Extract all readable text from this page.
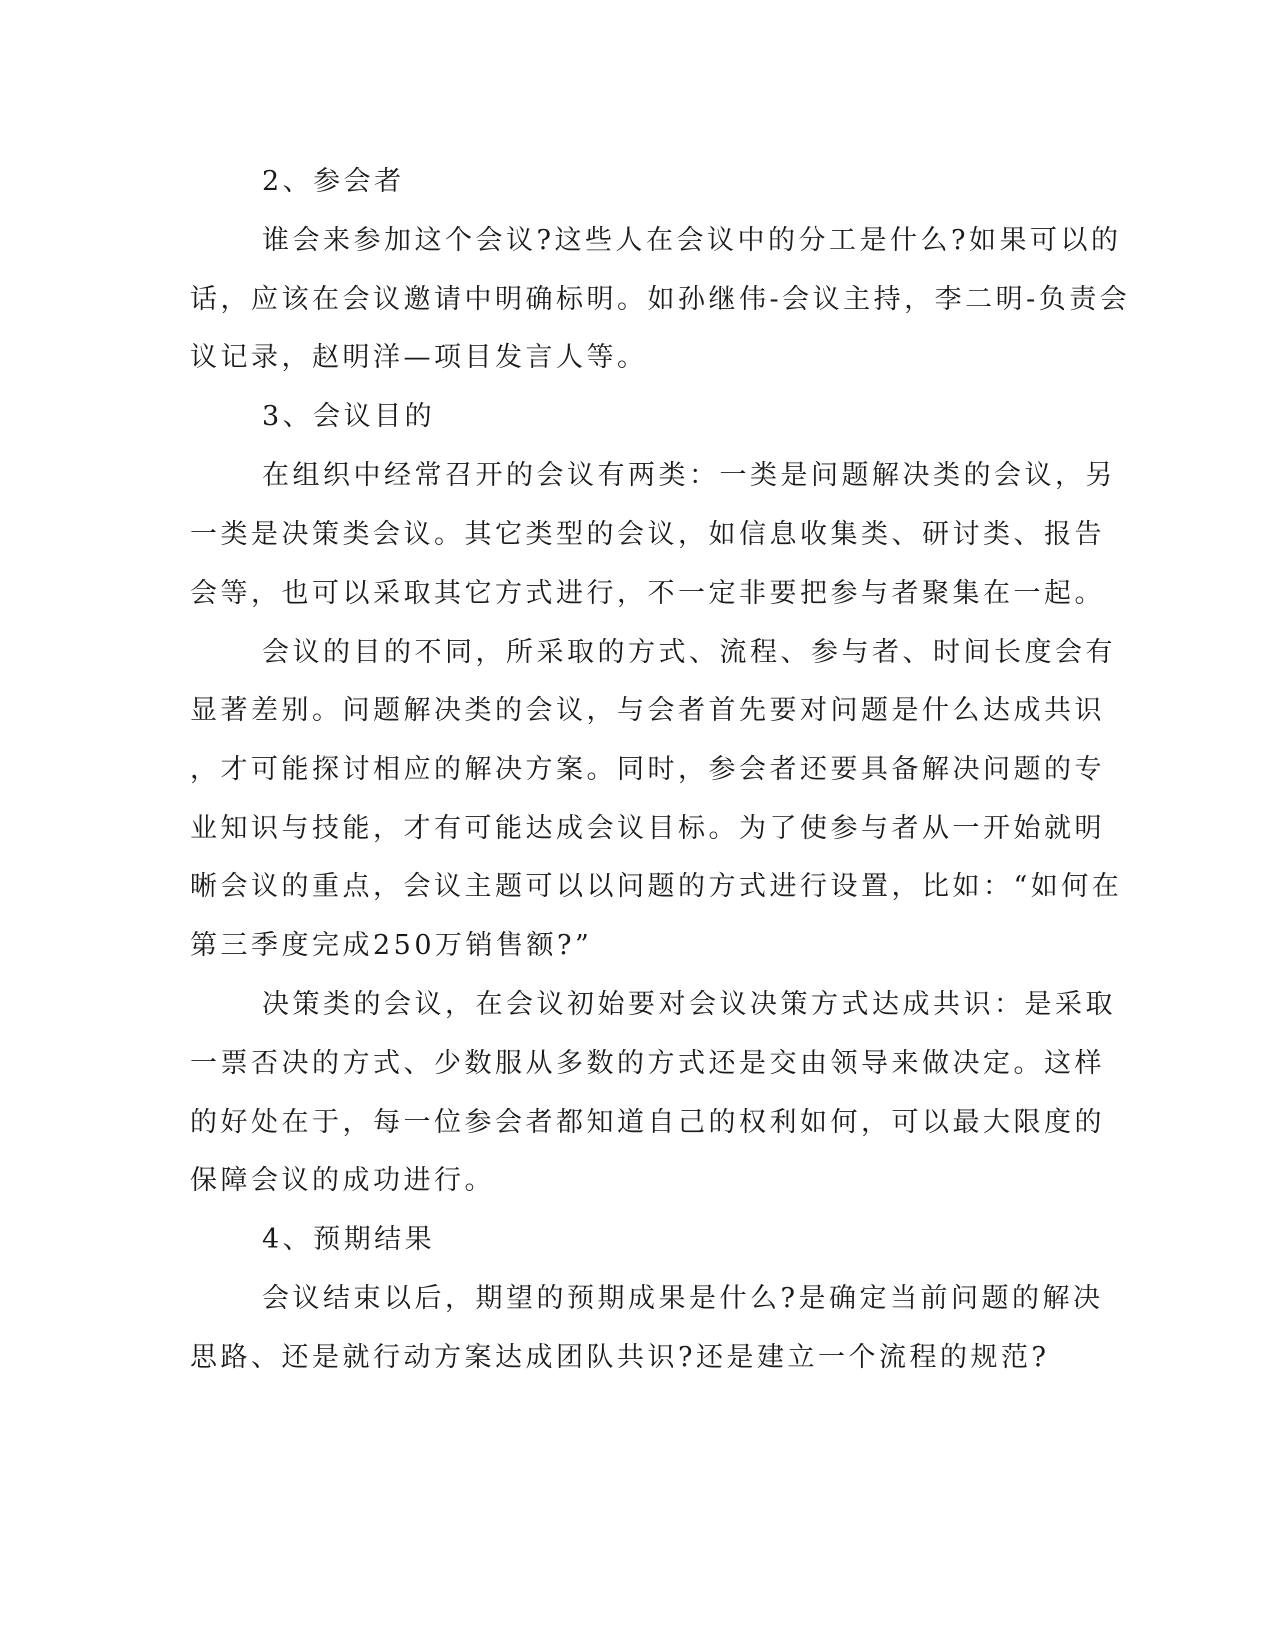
2、参会者
谁会来参加这个会议?这些人在会议中的分工是什么?如果可以的
话，应该在会议邀请中明确标明。如孙继伟-会议主持，李二明-负责会
议记录，赵明洋—项目发言人等。
3、会议目的
在组织中经常召开的会议有两类：一类是问题解决类的会议，另
一类是决策类会议。其它类型的会议，如信息收集类、研讨类、报告
会等，也可以采取其它方式进行，不一定非要把参与者聚集在一起。
会议的目的不同，所采取的方式、流程、参与者、时间长度会有
显著差别。问题解决类的会议，与会者首先要对问题是什么达成共识
，才可能探讨相应的解决方案。同时，参会者还要具备解决问题的专
业知识与技能，才有可能达成会议目标。为了使参与者从一开始就明
晰会议的重点，会议主题可以以问题的方式进行设置，比如：“如何在
第三季度完成250万销售额?”
决策类的会议，在会议初始要对会议决策方式达成共识：是采取
一票否决的方式、少数服从多数的方式还是交由领导来做决定。这样
的好处在于，每一位参会者都知道自己的权利如何，可以最大限度的
保障会议的成功进行。
4、预期结果
会议结束以后，期望的预期成果是什么?是确定当前问题的解决
思路、还是就行动方案达成团队共识?还是建立一个流程的规范?
